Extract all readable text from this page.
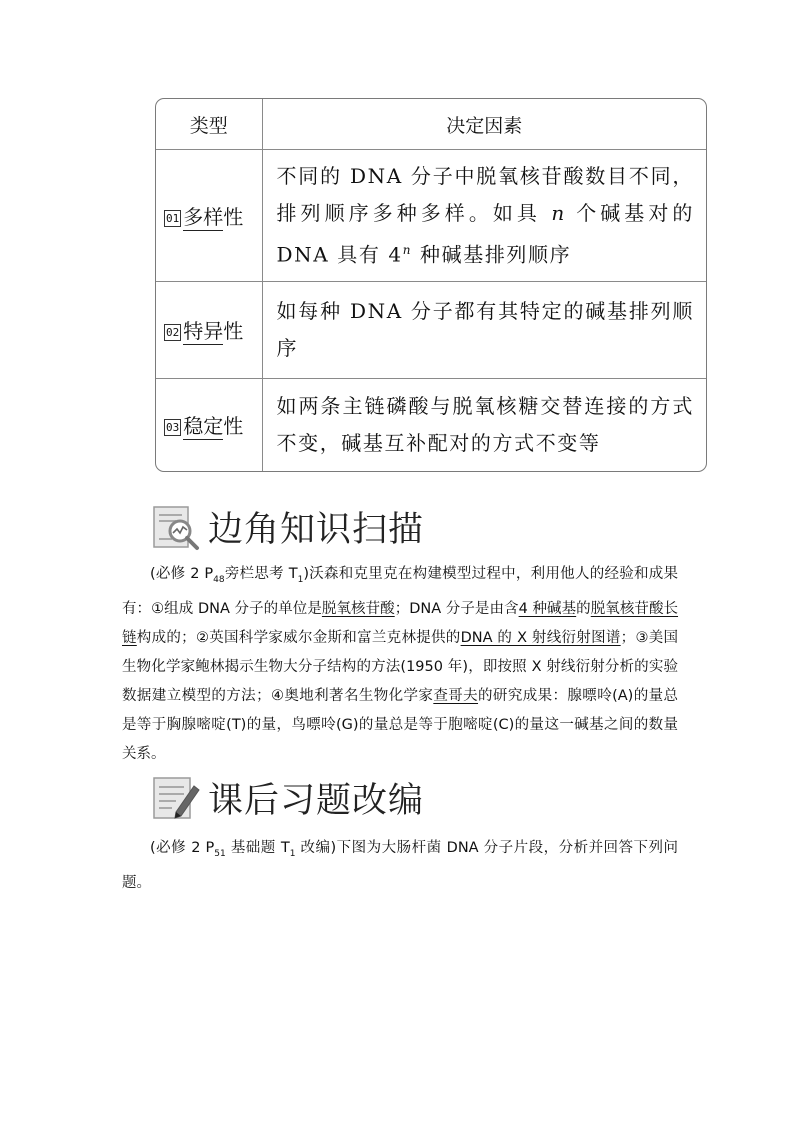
类型	决定因素
01 多样性	不同的 DNA 分子中脱氧核苷酸数目不同，排列顺序多种多样。如具 n 个碱基对的 DNA 具有 4$^n$ 种碱基排列顺序
02 特异性	如每种 DNA 分子都有其特定的碱基排列顺序
03 稳定性	如两条主链磷酸与脱氧核糖交替连接的方式不变，碱基互补配对的方式不变等
边角知识扫描
(必修 2 $P_{48}$旁栏思考 $T_1$)沃森和克里克在构建模型过程中，利用他人的经验和成果有：①组成 DNA 分子的单位是脱氧核苷酸；DNA 分子是由含4 种碱基的脱氧核苷酸长链构成的；②英国科学家威尔金斯和富兰克林提供的DNA 的 X 射线衍射图谱；③美国生物化学家鲍林揭示生物大分子结构的方法(1950 年)，即按照 X 射线衍射分析的实验数据建立模型的方法；④奥地利著名生物化学家查哥夫的研究成果：腺嘌呤(A)的量总是等于胸腺嘧啶(T)的量，鸟嘌呤(G)的量总是等于胞嘧啶(C)的量这一碱基之间的数量关系。
课后习题改编
(必修 2 $P_{51}$ 基础题 $T_1$ 改编)下图为大肠杆菌 DNA 分子片段，分析并回答下列问题。
